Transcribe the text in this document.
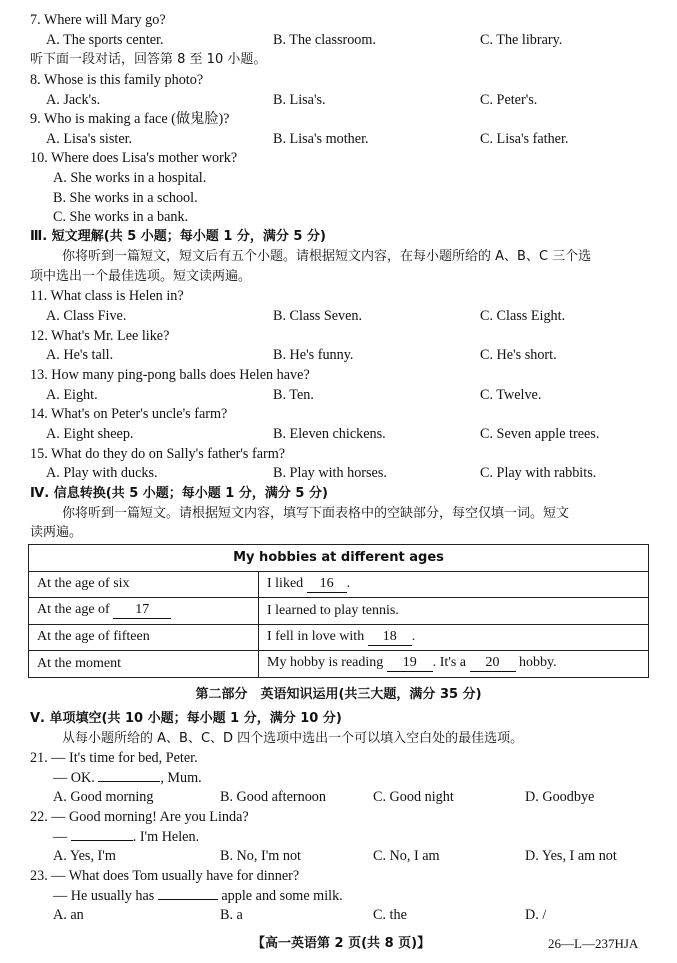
7. Where will Mary go?
A. The sports center.	B. The classroom.	C. The library.
听下面一段对话，回答第 8 至 10 小题。
8. Whose is this family photo?
A. Jack's.	B. Lisa's.	C. Peter's.
9. Who is making a face (做鬼脸)?
A. Lisa's sister.	B. Lisa's mother.	C. Lisa's father.
10. Where does Lisa's mother work?
A. She works in a hospital.
B. She works in a school.
C. She works in a bank.
Ⅲ. 短文理解(共 5 小题；每小题 1 分，满分 5 分)
你将听到一篇短文，短文后有五个小题。请根据短文内容，在每小题所给的 A、B、C 三个选
项中选出一个最佳选项。短文读两遍。
11. What class is Helen in?
A. Class Five.	B. Class Seven.	C. Class Eight.
12. What's Mr. Lee like?
A. He's tall.	B. He's funny.	C. He's short.
13. How many ping-pong balls does Helen have?
A. Eight.	B. Ten.	C. Twelve.
14. What's on Peter's uncle's farm?
A. Eight sheep.	B. Eleven chickens.	C. Seven apple trees.
15. What do they do on Sally's father's farm?
A. Play with ducks.	B. Play with horses.	C. Play with rabbits.
Ⅳ. 信息转换(共 5 小题；每小题 1 分，满分 5 分)
你将听到一篇短文。请根据短文内容，填写下面表格中的空缺部分，每空仅填一词。短文
读两遍。
My hobbies at different ages	
At the age of six	I liked 16 .
At the age of 17	I learned to play tennis.
At the age of fifteen	I fell in love with 18 .
At the moment	My hobby is reading 19 . It's a 20 hobby.
第二部分　英语知识运用(共三大题，满分 35 分)
Ⅴ. 单项填空(共 10 小题；每小题 1 分，满分 10 分)
从每小题所给的 A、B、C、D 四个选项中选出一个可以填入空白处的最佳选项。
21. — It's time for bed, Peter.
— OK.	, Mum.
A. Good morning	B. Good afternoon	C. Good night	D. Goodbye
22. — Good morning! Are you Linda?
—	. I'm Helen.
A. Yes, I'm	B. No, I'm not	C. No, I am	D. Yes, I am not
23. — What does Tom usually have for dinner?
— He usually has	apple and some milk.
A. an	B. a	C. the	D. /
【高一英语第 2 页(共 8 页)】	26—L—237HJA
